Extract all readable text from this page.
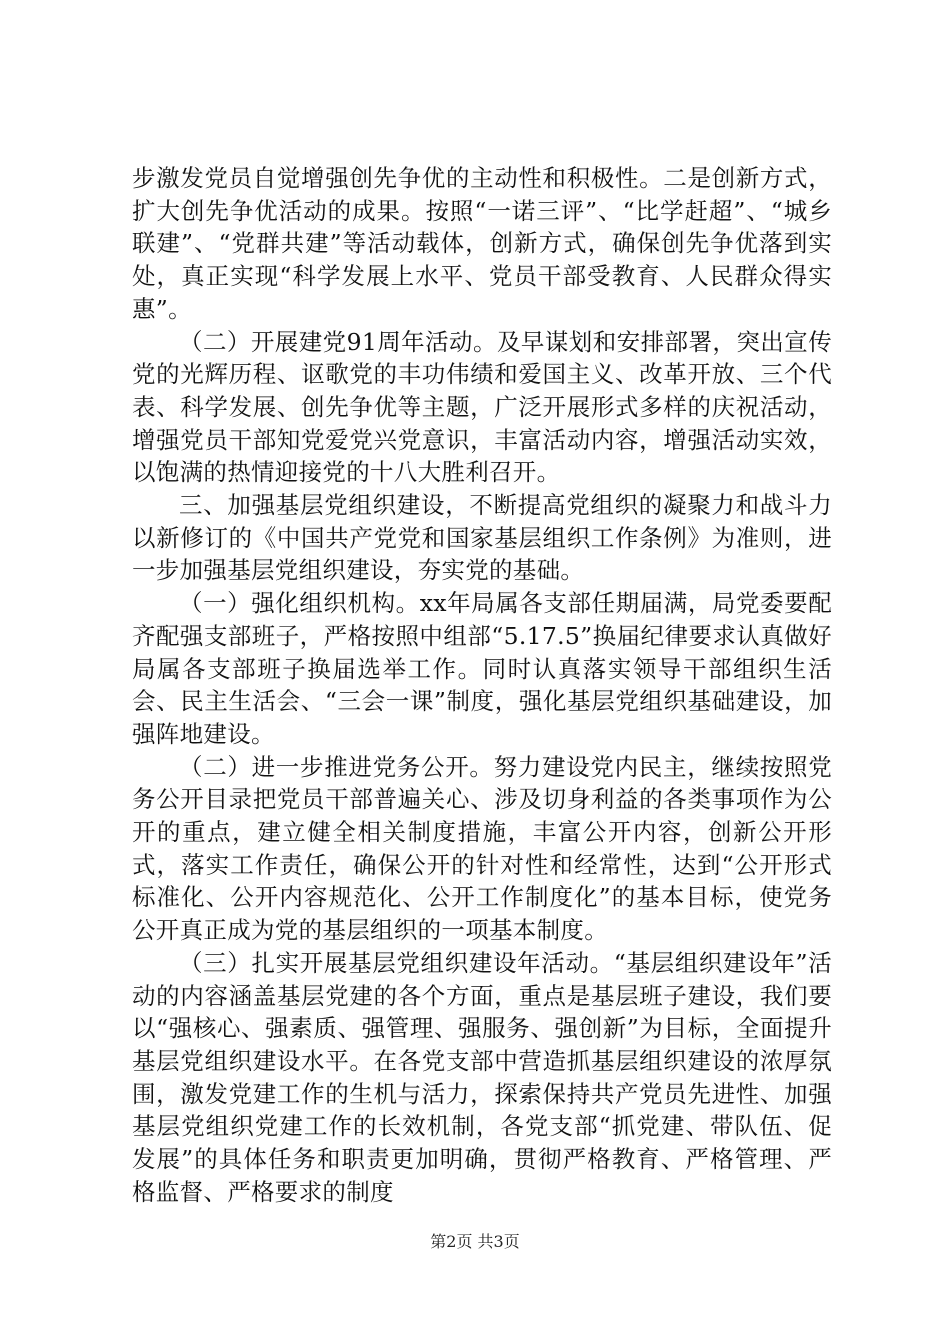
步激发党员自觉增强创先争优的主动性和积极性。二是创新方式，扩大创先争优活动的成果。按照“一诺三评”、“比学赶超”、“城乡联建”、“党群共建”等活动载体，创新方式，确保创先争优落到实处，真正实现“科学发展上水平、党员干部受教育、人民群众得实惠”。

（二）开展建党91周年活动。及早谋划和安排部署，突出宣传党的光辉历程、讴歌党的丰功伟绩和爱国主义、改革开放、三个代表、科学发展、创先争优等主题，广泛开展形式多样的庆祝活动，增强党员干部知党爱党兴党意识，丰富活动内容，增强活动实效，以饱满的热情迎接党的十八大胜利召开。

三、加强基层党组织建设，不断提高党组织的凝聚力和战斗力以新修订的《中国共产党党和国家基层组织工作条例》为准则，进一步加强基层党组织建设，夯实党的基础。

（一）强化组织机构。xx年局属各支部任期届满，局党委要配齐配强支部班子，严格按照中组部“5.17.5”换届纪律要求认真做好局属各支部班子换届选举工作。同时认真落实领导干部组织生活会、民主生活会、“三会一课”制度，强化基层党组织基础建设，加强阵地建设。

（二）进一步推进党务公开。努力建设党内民主，继续按照党务公开目录把党员干部普遍关心、涉及切身利益的各类事项作为公开的重点，建立健全相关制度措施，丰富公开内容，创新公开形式，落实工作责任，确保公开的针对性和经常性，达到“公开形式标准化、公开内容规范化、公开工作制度化”的基本目标，使党务公开真正成为党的基层组织的一项基本制度。

（三）扎实开展基层党组织建设年活动。“基层组织建设年”活动的内容涵盖基层党建的各个方面，重点是基层班子建设，我们要以“强核心、强素质、强管理、强服务、强创新”为目标，全面提升基层党组织建设水平。在各党支部中营造抓基层组织建设的浓厚氛围，激发党建工作的生机与活力，探索保持共产党员先进性、加强基层党组织党建工作的长效机制，各党支部“抓党建、带队伍、促发展”的具体任务和职责更加明确，贯彻严格教育、严格管理、严格监督、严格要求的制度

第2页 共3页
